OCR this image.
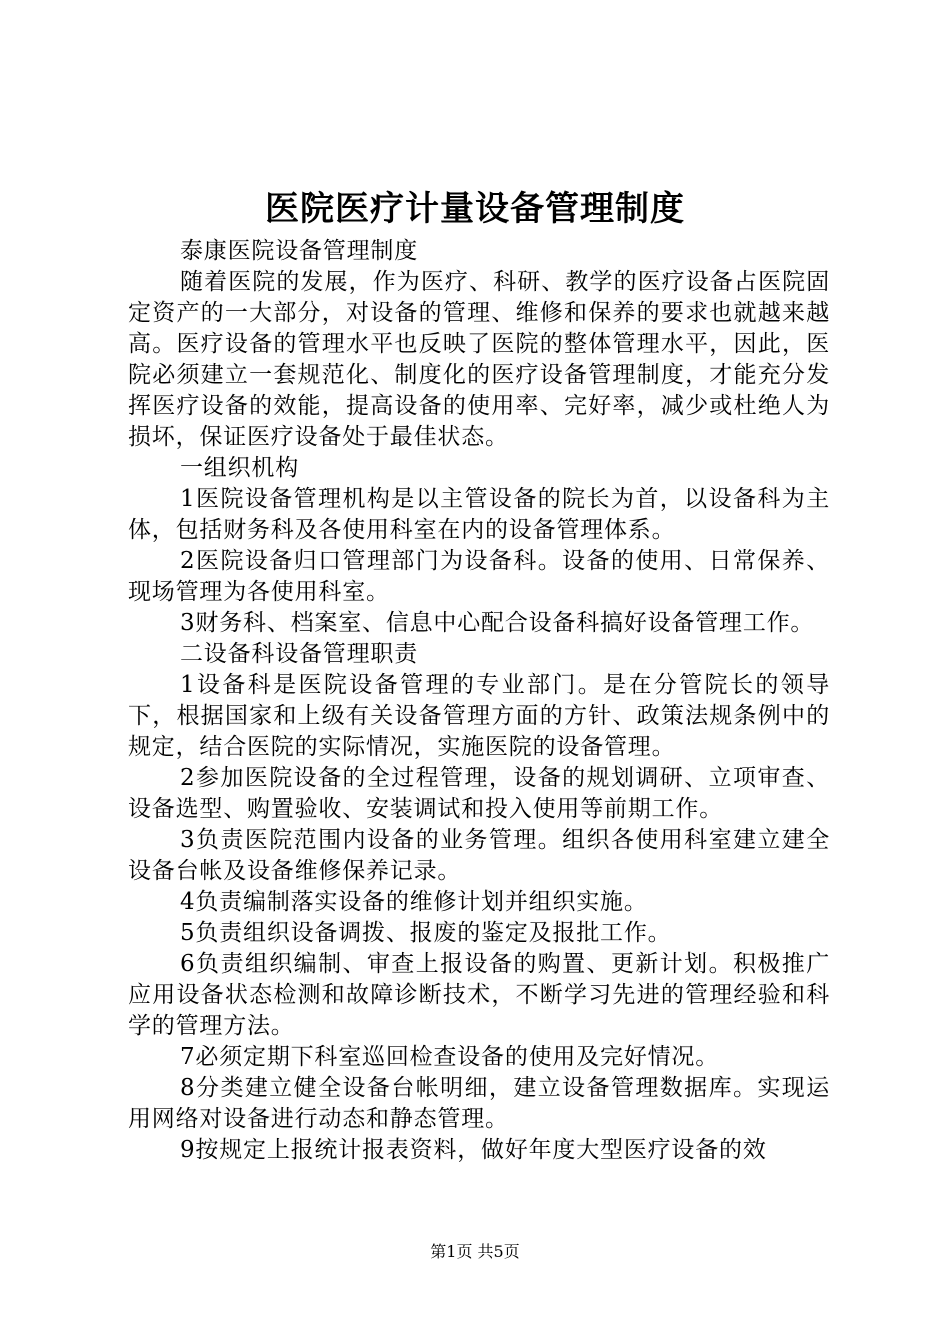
医院医疗计量设备管理制度

泰康医院设备管理制度

随着医院的发展，作为医疗、科研、教学的医疗设备占医院固定资产的一大部分，对设备的管理、维修和保养的要求也就越来越高。医疗设备的管理水平也反映了医院的整体管理水平，因此，医院必须建立一套规范化、制度化的医疗设备管理制度，才能充分发挥医疗设备的效能，提高设备的使用率、完好率，减少或杜绝人为损坏，保证医疗设备处于最佳状态。

一组织机构

1医院设备管理机构是以主管设备的院长为首，以设备科为主体，包括财务科及各使用科室在内的设备管理体系。

2医院设备归口管理部门为设备科。设备的使用、日常保养、现场管理为各使用科室。

3财务科、档案室、信息中心配合设备科搞好设备管理工作。

二设备科设备管理职责

1设备科是医院设备管理的专业部门。是在分管院长的领导下，根据国家和上级有关设备管理方面的方针、政策法规条例中的规定，结合医院的实际情况，实施医院的设备管理。

2参加医院设备的全过程管理，设备的规划调研、立项审查、设备选型、购置验收、安装调试和投入使用等前期工作。

3负责医院范围内设备的业务管理。组织各使用科室建立建全设备台帐及设备维修保养记录。

4负责编制落实设备的维修计划并组织实施。

5负责组织设备调拨、报废的鉴定及报批工作。

6负责组织编制、审查上报设备的购置、更新计划。积极推广应用设备状态检测和故障诊断技术，不断学习先进的管理经验和科学的管理方法。

7必须定期下科室巡回检查设备的使用及完好情况。

8分类建立健全设备台帐明细，建立设备管理数据库。实现运用网络对设备进行动态和静态管理。

9按规定上报统计报表资料，做好年度大型医疗设备的效

第1页 共5页
